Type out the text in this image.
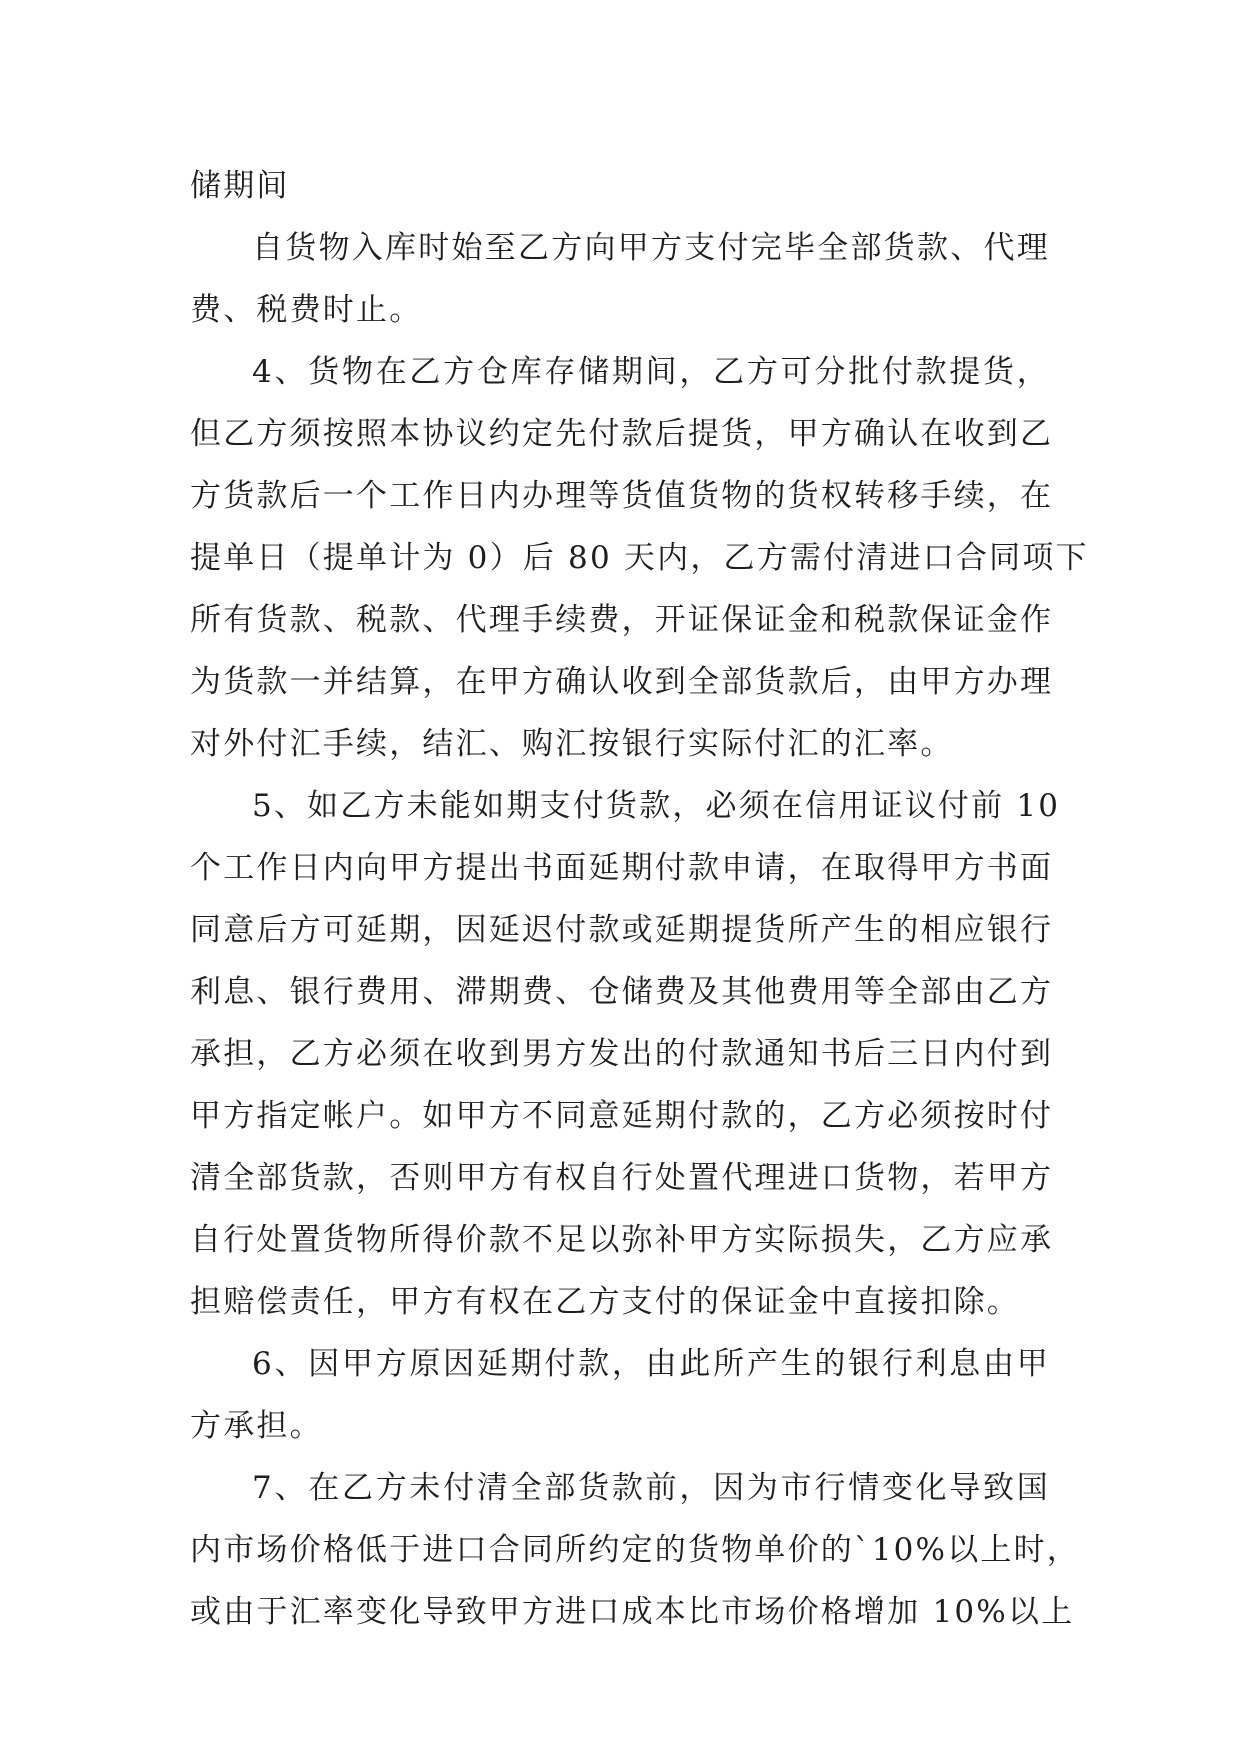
储期间
自货物入库时始至乙方向甲方支付完毕全部货款、代理
费、税费时止。
4、货物在乙方仓库存储期间，乙方可分批付款提货，
但乙方须按照本协议约定先付款后提货，甲方确认在收到乙
方货款后一个工作日内办理等货值货物的货权转移手续，在
提单日（提单计为 0）后 80 天内，乙方需付清进口合同项下
所有货款、税款、代理手续费，开证保证金和税款保证金作
为货款一并结算，在甲方确认收到全部货款后，由甲方办理
对外付汇手续，结汇、购汇按银行实际付汇的汇率。
5、如乙方未能如期支付货款，必须在信用证议付前 10
个工作日内向甲方提出书面延期付款申请，在取得甲方书面
同意后方可延期，因延迟付款或延期提货所产生的相应银行
利息、银行费用、滞期费、仓储费及其他费用等全部由乙方
承担，乙方必须在收到男方发出的付款通知书后三日内付到
甲方指定帐户。如甲方不同意延期付款的，乙方必须按时付
清全部货款，否则甲方有权自行处置代理进口货物，若甲方
自行处置货物所得价款不足以弥补甲方实际损失，乙方应承
担赔偿责任，甲方有权在乙方支付的保证金中直接扣除。
6、因甲方原因延期付款，由此所产生的银行利息由甲
方承担。
7、在乙方未付清全部货款前，因为市行情变化导致国
内市场价格低于进口合同所约定的货物单价的`10%以上时，
或由于汇率变化导致甲方进口成本比市场价格增加 10%以上
